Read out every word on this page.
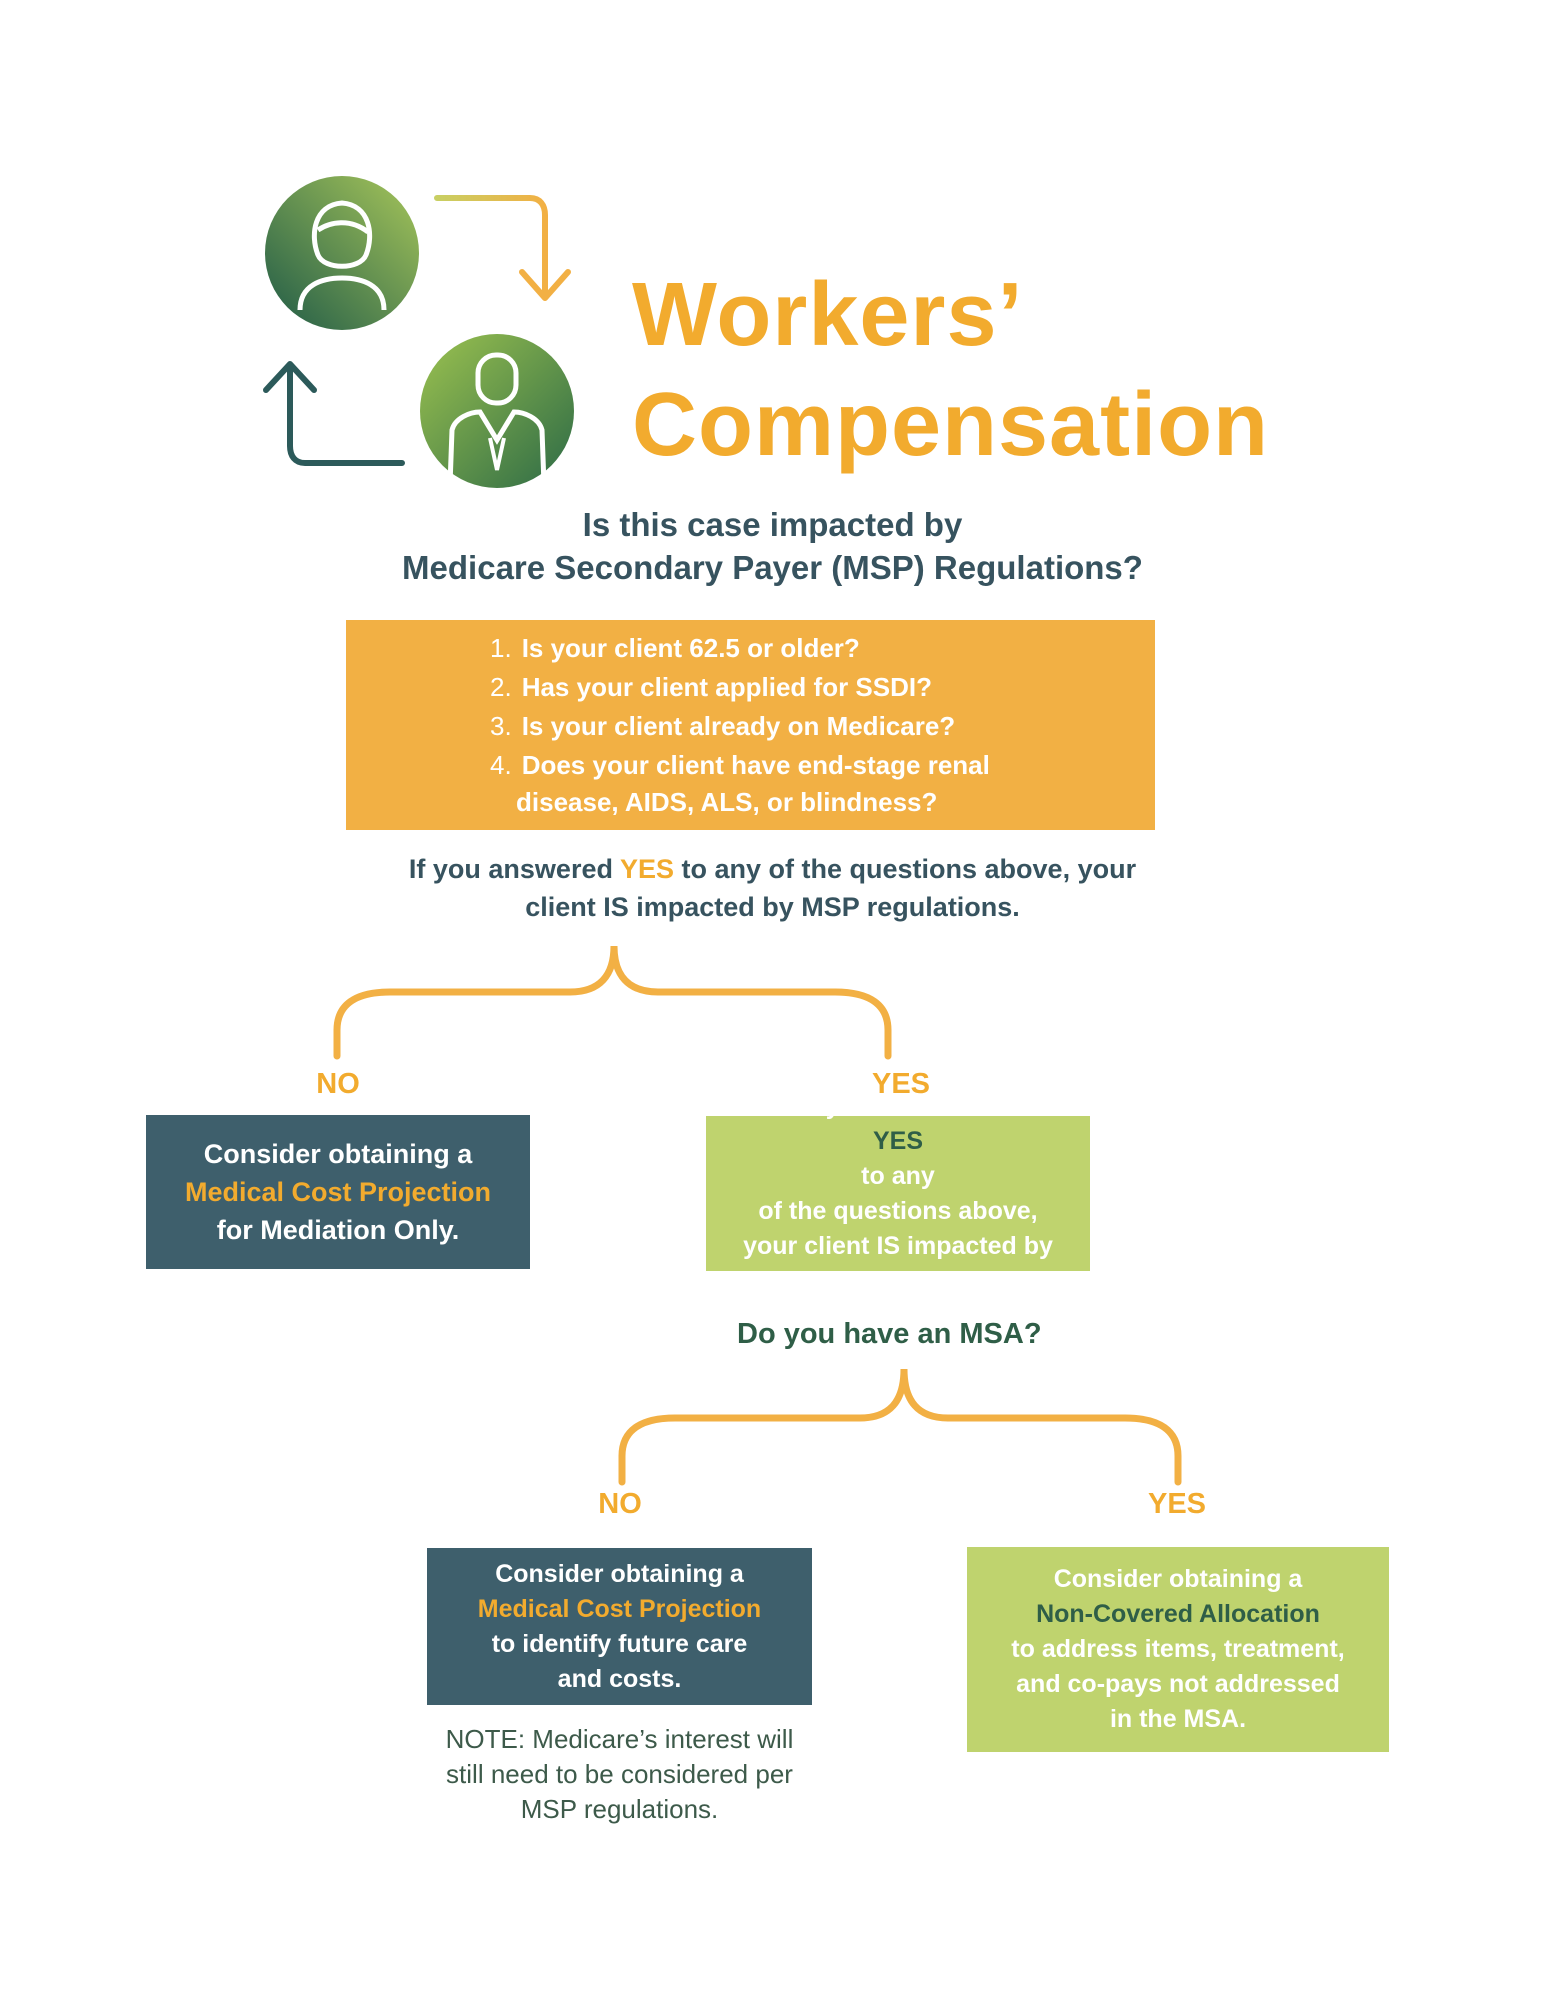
Workers’
Compensation
Is this case impacted by
Medicare Secondary Payer (MSP) Regulations?
1. Is your client 62.5 or older?
2. Has your client applied for SSDI?
3. Is your client already on Medicare?
4. Does your client have end-stage renal
disease, AIDS, ALS, or blindness?
If you answered YES to any of the questions above, your
client IS impacted by MSP regulations.
NO	YES
Consider obtaining a
Medical Cost Projection
for Mediation Only.
If you answered
YES
to any
of the questions above,
your client IS impacted by
MSP regulations.
Do you have an MSA?
NO	YES
Consider obtaining a
Medical Cost Projection
to identify future care
and costs.
NOTE: Medicare’s interest will
still need to be considered per
MSP regulations.
Consider obtaining a
Non-Covered Allocation
to address items, treatment,
and co-pays not addressed
in the MSA.
